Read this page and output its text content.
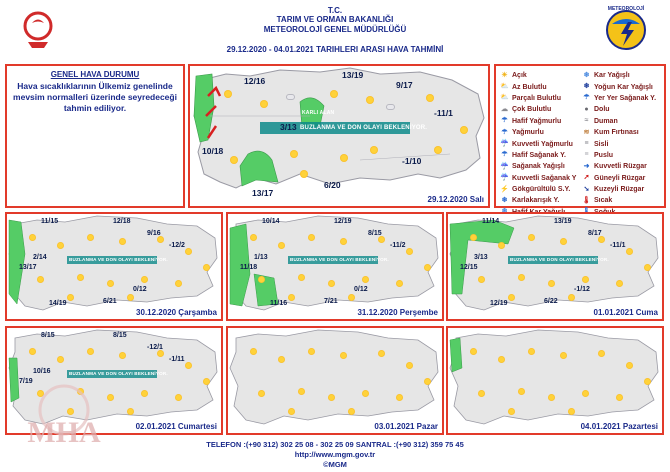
T.C.
TARIM VE ORMAN BAKANLIĞI
METEOROLOJİ GENEL MÜDÜRLÜĞÜ
29.12.2020 - 04.01.2021 TARIHLERI ARASI HAVA TAHMİNİ
METEOROLOJİ
GENEL HAVA DURUMU
Hava sıcaklıklarının Ülkemiz genelinde mevsim normalleri üzerinde seyredeceği tahmin ediliyor.
BUZLANMA VE DON OLAYI BEKLENİYOR.
KARLI ALAN
12/16
13/19
9/17
3/13
-11/1
10/18
-1/10
6/20
13/17
29.12.2020 Salı
☀ Açık
⛅ Az Bulutlu
⛅ Parçalı Bulutlu
☁ Çok Bulutlu
☂ Hafif Yağmurlu
☂ Yağmurlu
☔ Kuvvetli Yağmurlu
☂ Hafif Sağanak Y.
☔ Sağanak Yağışlı
☔ Kuvvetli Sağanak Y
⚡ Gökgürültülü S.Y.
❄ Karlakarışık Y.
❄ Kar Yağışlı
❄ Yoğun Kar Yağışlı
☂ Yer Yer Sağanak Y.
● Dolu
≈ Duman
≋ Kum Fırtınası
≡ Sisli
≡ Puslu
➜ Kuvvetli Rüzgar
➚ Güneyli Rüzgar
➘ Kuzeyli Rüzgar
🌡 Sıcak
BUZLANMA VE DON OLAYI BEKLENİYOR.
11/15	12/18
9/16
2/14
-12/2
13/17
0/12
6/21
14/19
30.12.2020 Çarşamba
BUZLANMA VE DON OLAYI BEKLENİYOR.
10/14	12/19
8/15
1/13
-11/2
11/18
0/12
7/21
11/16
31.12.2020 Perşembe
BUZLANMA VE DON OLAYI BEKLENİYOR.
11/14	13/19
8/17
3/13
-11/1
12/15
-1/12
6/22
12/19
01.01.2021 Cuma
BUZLANMA VE DON OLAYI BEKLENİYOR.
8/15	8/15
-12/1
10/16
-1/11
7/19
02.01.2021 Cumartesi	03.01.2021 Pazar	04.01.2021 Pazartesi
TELEFON :(+90 312) 302 25 08 - 302 25 09 SANTRAL :(+90 312) 359 75 45
http://www.mgm.gov.tr
©MGM
MHA
